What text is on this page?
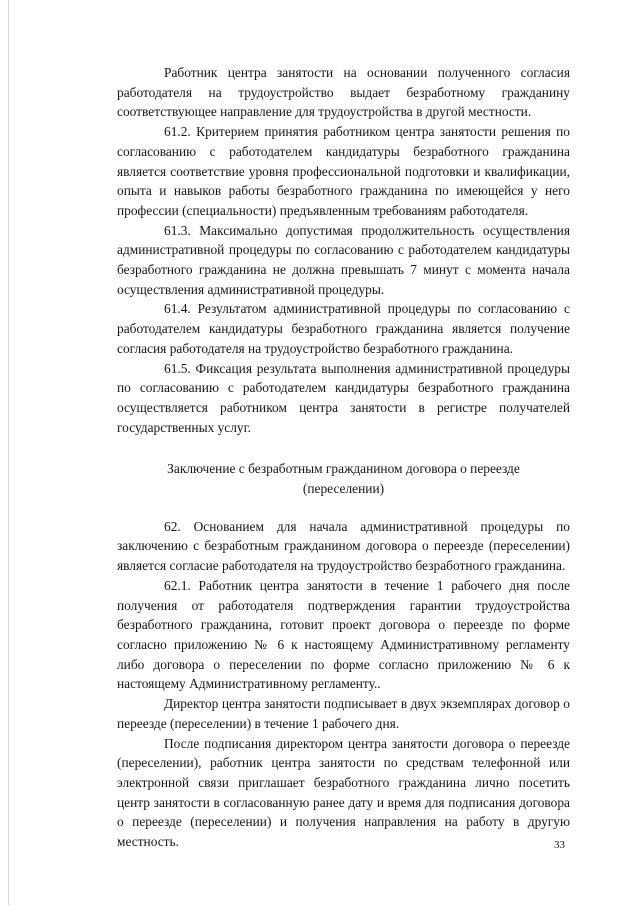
Работник центра занятости на основании полученного согласия работодателя на трудоустройство выдает безработному гражданину соответствующее направление для трудоустройства в другой местности.

61.2. Критерием принятия работником центра занятости решения по согласованию с работодателем кандидатуры безработного гражданина является соответствие уровня профессиональной подготовки и квалификации, опыта и навыков работы безработного гражданина по имеющейся у него профессии (специальности) предъявленным требованиям работодателя.

61.3. Максимально допустимая продолжительность осуществления административной процедуры по согласованию с работодателем кандидатуры безработного гражданина не должна превышать 7 минут с момента начала осуществления административной процедуры.

61.4. Результатом административной процедуры по согласованию с работодателем кандидатуры безработного гражданина является получение согласия работодателя на трудоустройство безработного гражданина.

61.5. Фиксация результата выполнения административной процедуры по согласованию с работодателем кандидатуры безработного гражданина осуществляется работником центра занятости в регистре получателей государственных услуг.

Заключение с безработным гражданином договора о переезде

(переселении)

62. Основанием для начала административной процедуры по заключению с безработным гражданином договора о переезде (переселении) является согласие работодателя на трудоустройство безработного гражданина.

62.1. Работник центра занятости в течение 1 рабочего дня после получения от работодателя подтверждения гарантии трудоустройства безработного гражданина, готовит проект договора о переезде по форме согласно приложению № 6 к настоящему Административному регламенту либо договора о переселении по форме согласно приложению № 6 к настоящему Административному регламенту..

Директор центра занятости подписывает в двух экземплярах договор о переезде (переселении) в течение 1 рабочего дня.

После подписания директором центра занятости договора о переезде (переселении), работник центра занятости по средствам телефонной или электронной связи приглашает безработного гражданина лично посетить центр занятости в согласованную ранее дату и время для подписания договора о переезде (переселении) и получения направления на работу в другую местность.	33
